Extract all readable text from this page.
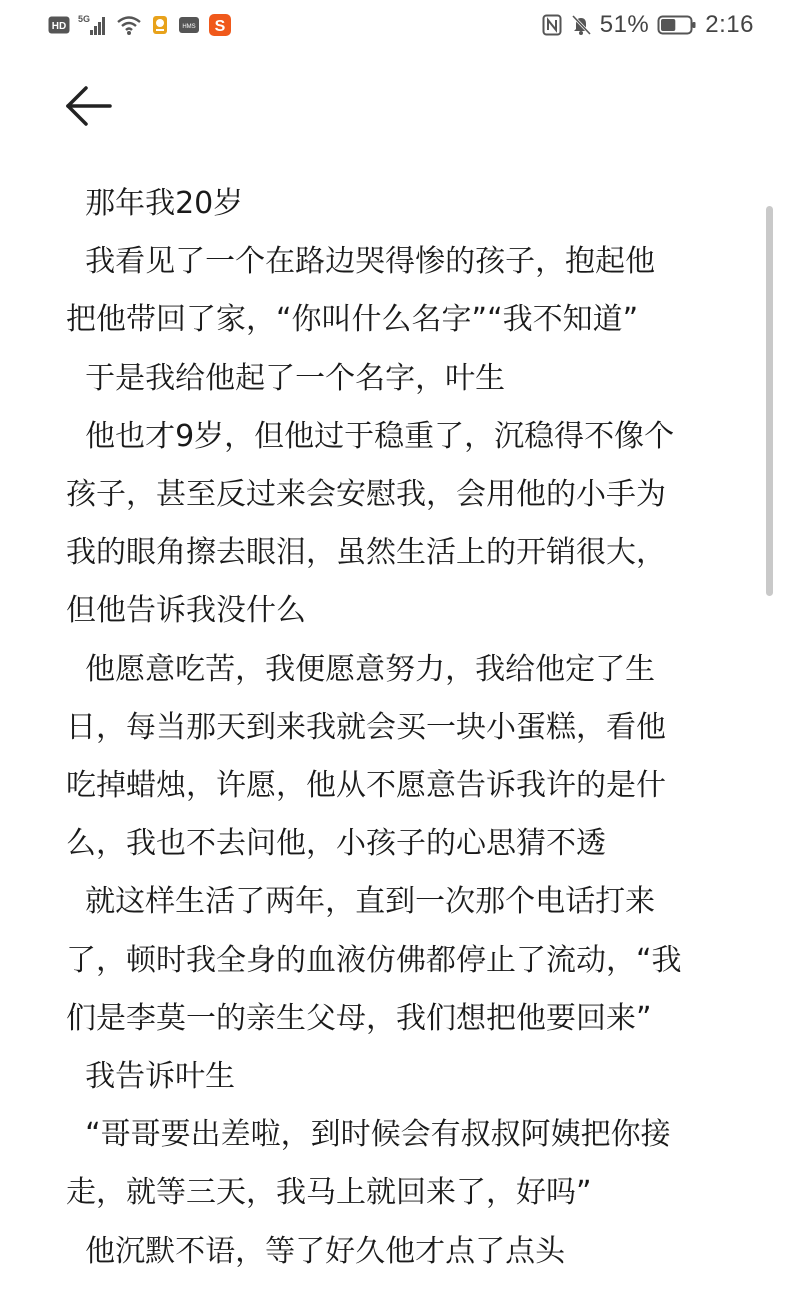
HD
5G
HMS S	51% 2:16

那年我20岁

我看见了一个在路边哭得惨的孩子，抱起他

把他带回了家，“你叫什么名字”“我不知道”

于是我给他起了一个名字，叶生

他也才9岁，但他过于稳重了，沉稳得不像个

孩子，甚至反过来会安慰我，会用他的小手为

我的眼角擦去眼泪，虽然生活上的开销很大，

但他告诉我没什么

他愿意吃苦，我便愿意努力，我给他定了生

日，每当那天到来我就会买一块小蛋糕，看他

吃掉蜡烛，许愿，他从不愿意告诉我许的是什

么，我也不去问他，小孩子的心思猜不透

就这样生活了两年，直到一次那个电话打来

了，顿时我全身的血液仿佛都停止了流动，“我

们是李莫一的亲生父母，我们想把他要回来”

我告诉叶生

“哥哥要出差啦，到时候会有叔叔阿姨把你接

走，就等三天，我马上就回来了，好吗”

他沉默不语，等了好久他才点了点头
